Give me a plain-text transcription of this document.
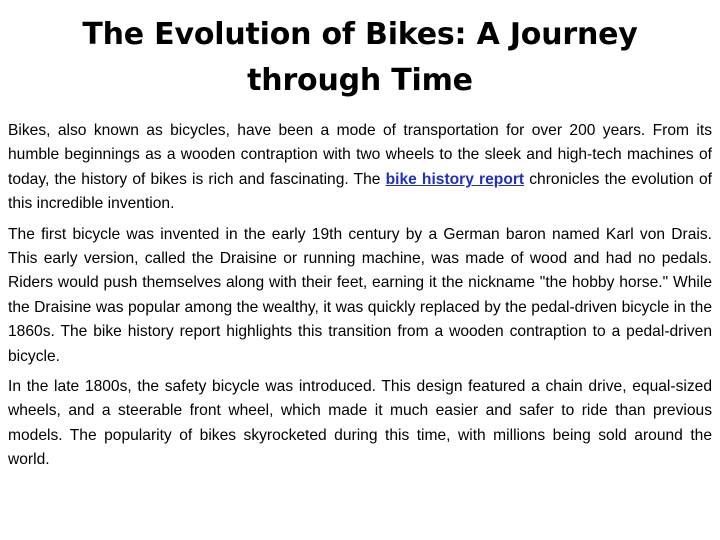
The Evolution of Bikes: A Journey through Time

Bikes, also known as bicycles, have been a mode of transportation for over 200 years. From its humble beginnings as a wooden contraption with two wheels to the sleek and high-tech machines of today, the history of bikes is rich and fascinating. The bike history report chronicles the evolution of this incredible invention.

The first bicycle was invented in the early 19th century by a German baron named Karl von Drais. This early version, called the Draisine or running machine, was made of wood and had no pedals. Riders would push themselves along with their feet, earning it the nickname "the hobby horse." While the Draisine was popular among the wealthy, it was quickly replaced by the pedal-driven bicycle in the 1860s. The bike history report highlights this transition from a wooden contraption to a pedal-driven bicycle.

In the late 1800s, the safety bicycle was introduced. This design featured a chain drive, equal-sized wheels, and a steerable front wheel, which made it much easier and safer to ride than previous models. The popularity of bikes skyrocketed during this time, with millions being sold around the world.
